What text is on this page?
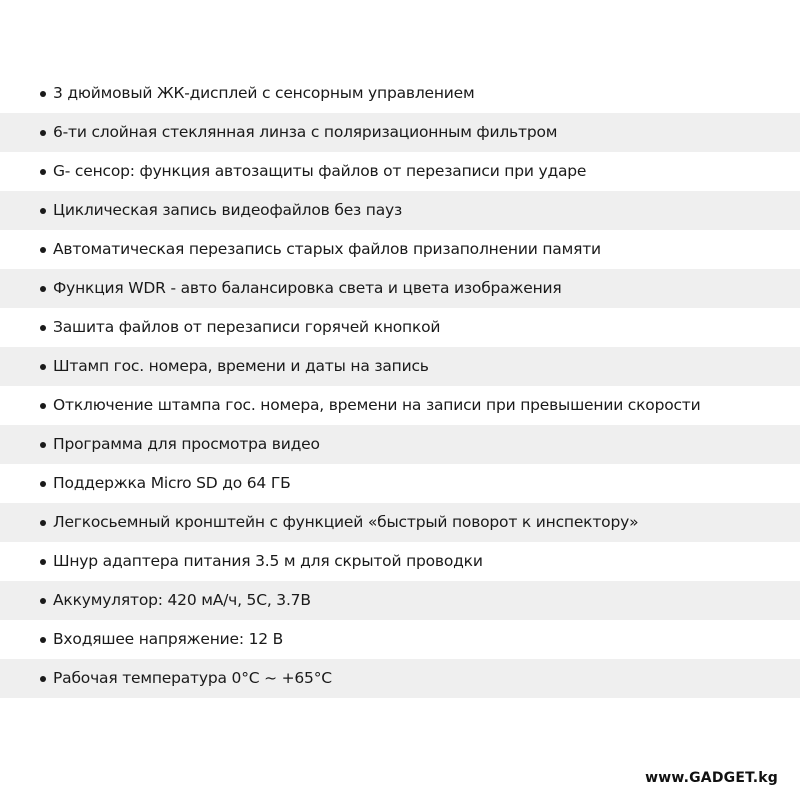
3 дюймовый ЖК-дисплей с сенсорным управлением
6-ти слойная стеклянная линза с поляризационным фильтром
G- сенсор: функция автозащиты файлов от перезаписи при ударе
Циклическая запись видеофайлов без пауз
Автоматическая перезапись старых файлов призаполнении памяти
Функция WDR - авто балансировка света и цвета изображения
Зашита файлов от перезаписи горячей кнопкой
Штамп гос. номера, времени и даты на запись
Отключение штампа гос. номера, времени на записи при превышении скорости
Программа для просмотра видео
Поддержка Micro SD до 64 ГБ
Легкосьемный кронштейн с функцией «быстрый поворот к инспектору»
Шнур адаптера питания 3.5 м для скрытой проводки
Аккумулятор: 420 мА/ч, 5С, 3.7В
Входяшее напряжение: 12 В
Рабочая температура 0°С ~ +65°С
www.GADGET.kg
